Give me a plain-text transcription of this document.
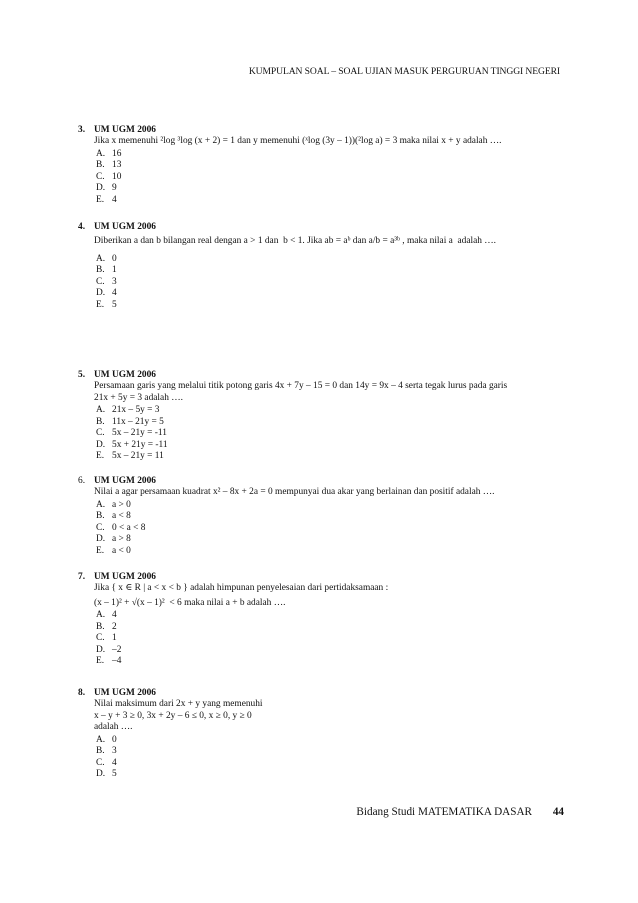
KUMPULAN SOAL – SOAL UJIAN MASUK PERGURUAN TINGGI NEGERI
3. UM UGM 2006
Jika x memenuhi ²log ³log (x + 2) = 1 dan y memenuhi (ˣlog (3y – 1))(²log a) = 3 maka nilai x + y adalah ….
A. 16
B. 13
C. 10
D. 9
E. 4
4. UM UGM 2006
Diberikan a dan b bilangan real dengan a > 1 dan  b < 1. Jika ab = aᵇ dan a/b = a³ᵇ , maka nilai a  adalah ….
A. 0
B. 1
C. 3
D. 4
E. 5
5. UM UGM 2006
Persamaan garis yang melalui titik potong garis 4x + 7y – 15 = 0 dan 14y = 9x – 4 serta tegak lurus pada garis
21x + 5y = 3 adalah ….
A. 21x – 5y = 3
B. 11x – 21y = 5
C. 5x – 21y = -11
D. 5x + 21y = -11
E. 5x – 21y = 11
6. UM UGM 2006
Nilai a agar persamaan kuadrat x² – 8x + 2a = 0 mempunyai dua akar yang berlainan dan positif adalah ….
A. a > 0
B. a < 8
C. 0 < a < 8
D. a > 8
E. a < 0
7. UM UGM 2006
Jika { x ∈ R | a < x < b } adalah himpunan penyelesaian dari pertidaksamaan :
(x – 1)² + √(x – 1)²  < 6 maka nilai a + b adalah ….
A. 4
B. 2
C. 1
D. –2
E. –4
8. UM UGM 2006
Nilai maksimum dari 2x + y yang memenuhi
x – y + 3 ≥ 0, 3x + 2y – 6 ≤ 0, x ≥ 0, y ≥ 0
adalah ….
A. 0
B. 3
C. 4
D. 5
Bidang Studi MATEMATIKA DASAR 44
